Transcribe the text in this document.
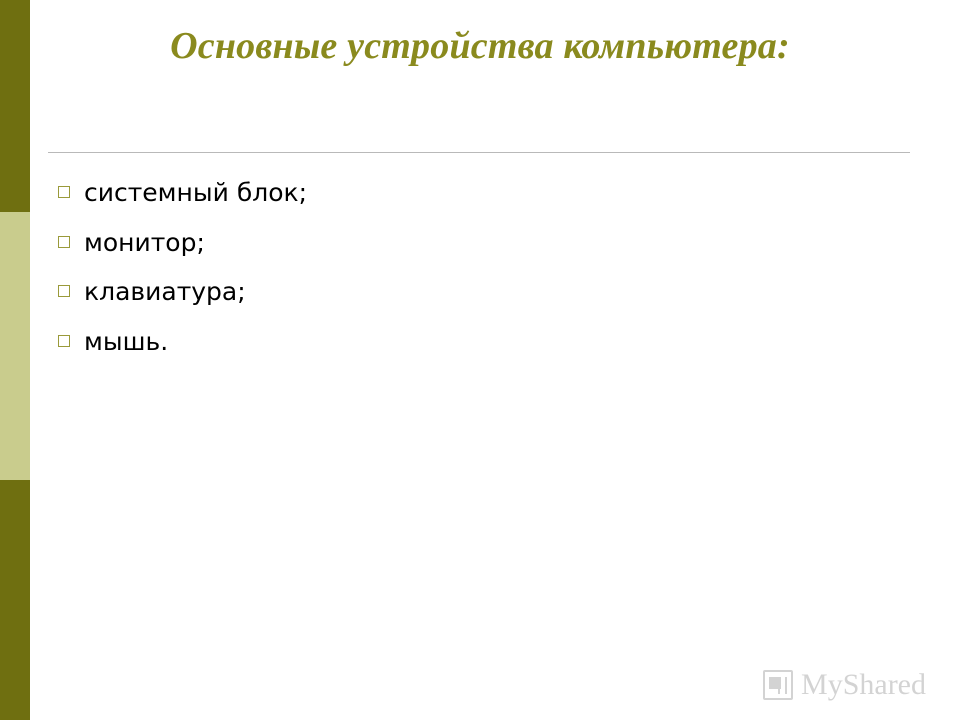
Основные устройства компьютера:
системный блок;
монитор;
клавиатура;
мышь.
MyShared
